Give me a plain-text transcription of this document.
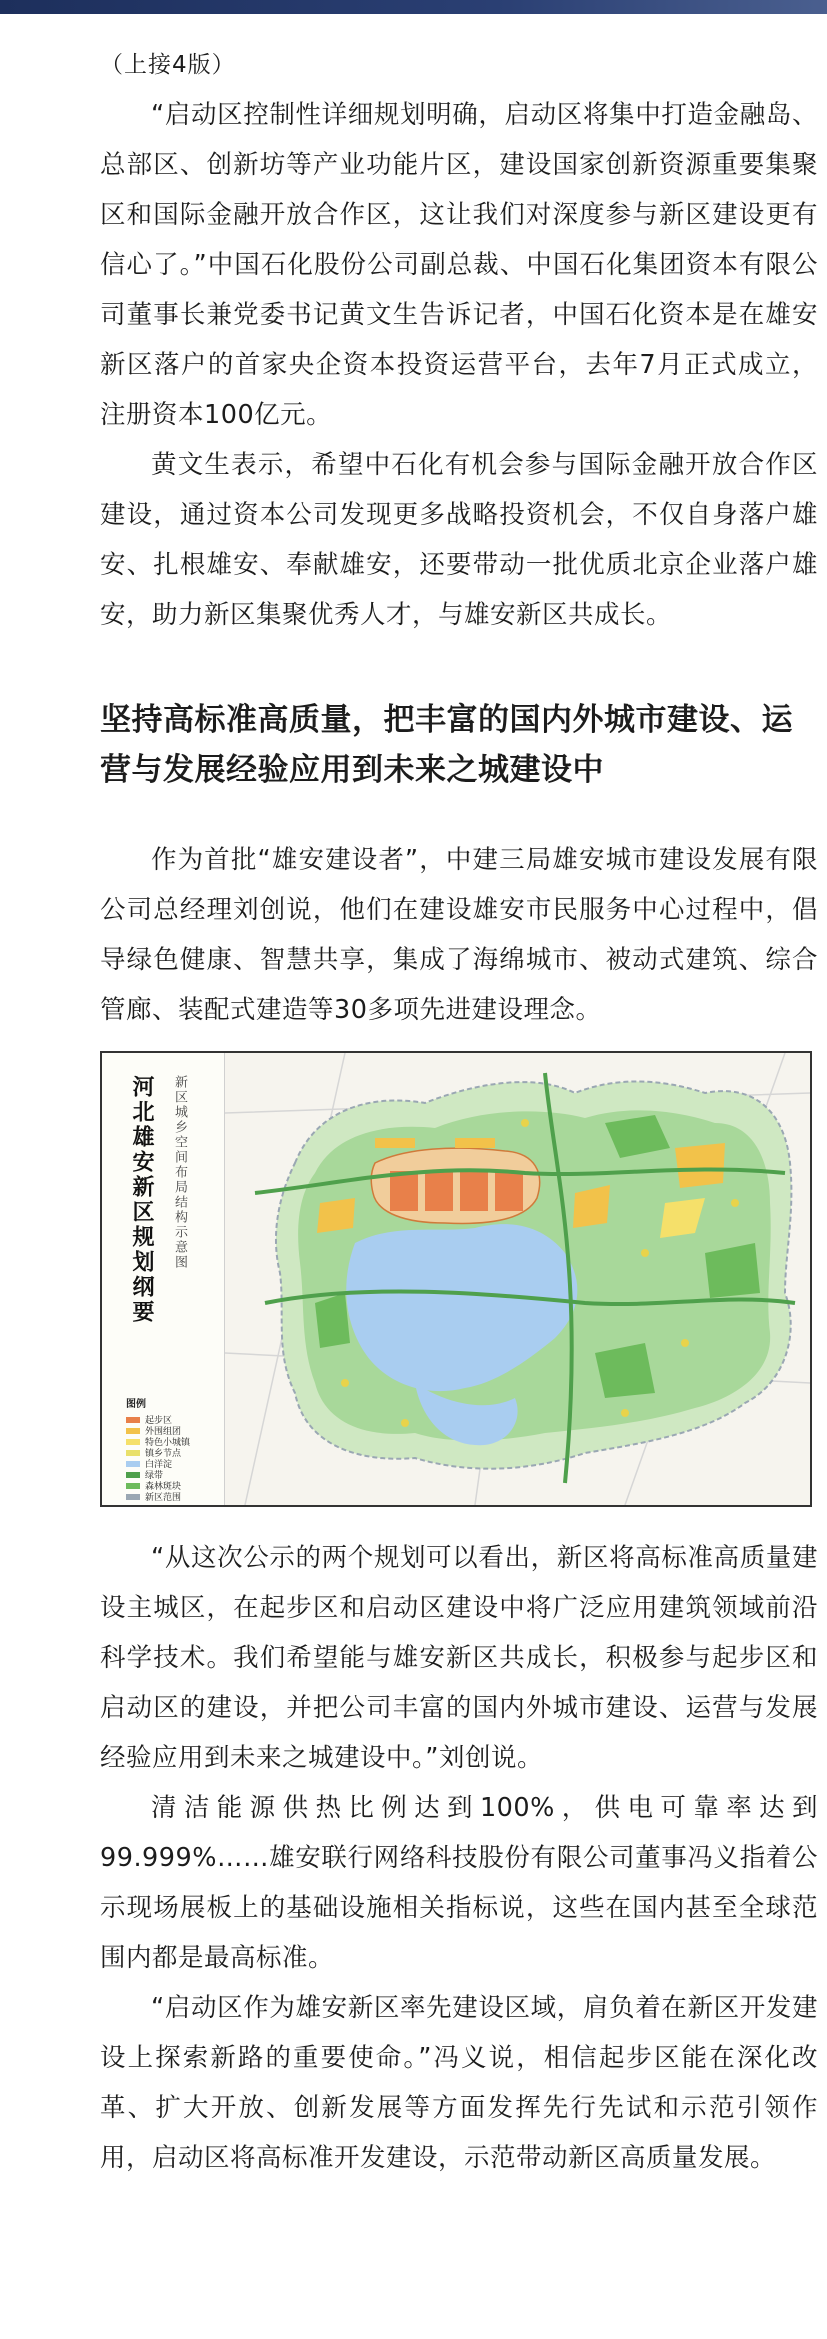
（上接4版）

“启动区控制性详细规划明确，启动区将集中打造金融岛、总部区、创新坊等产业功能片区，建设国家创新资源重要集聚区和国际金融开放合作区，这让我们对深度参与新区建设更有信心了。”中国石化股份公司副总裁、中国石化集团资本有限公司董事长兼党委书记黄文生告诉记者，中国石化资本是在雄安新区落户的首家央企资本投资运营平台，去年7月正式成立，注册资本100亿元。

黄文生表示，希望中石化有机会参与国际金融开放合作区建设，通过资本公司发现更多战略投资机会，不仅自身落户雄安、扎根雄安、奉献雄安，还要带动一批优质北京企业落户雄安，助力新区集聚优秀人才，与雄安新区共成长。

坚持高标准高质量，把丰富的国内外城市建设、运营与发展经验应用到未来之城建设中

作为首批“雄安建设者”，中建三局雄安城市建设发展有限公司总经理刘创说，他们在建设雄安市民服务中心过程中，倡导绿色健康、智慧共享，集成了海绵城市、被动式建筑、综合管廊、装配式建造等30多项先进建设理念。

河北雄安新区规划纲要 新区城乡空间布局结构示意图
图例
起步区
外围组团
特色小城镇
镇乡节点
白洋淀
绿带
森林斑块
新区范围

“从这次公示的两个规划可以看出，新区将高标准高质量建设主城区，在起步区和启动区建设中将广泛应用建筑领域前沿科学技术。我们希望能与雄安新区共成长，积极参与起步区和启动区的建设，并把公司丰富的国内外城市建设、运营与发展经验应用到未来之城建设中。”刘创说。

清洁能源供热比例达到100%，供电可靠率达到99.999%……雄安联行网络科技股份有限公司董事冯义指着公示现场展板上的基础设施相关指标说，这些在国内甚至全球范围内都是最高标准。

“启动区作为雄安新区率先建设区域，肩负着在新区开发建设上探索新路的重要使命。”冯义说，相信起步区能在深化改革、扩大开放、创新发展等方面发挥先行先试和示范引领作用，启动区将高标准开发建设，示范带动新区高质量发展。
